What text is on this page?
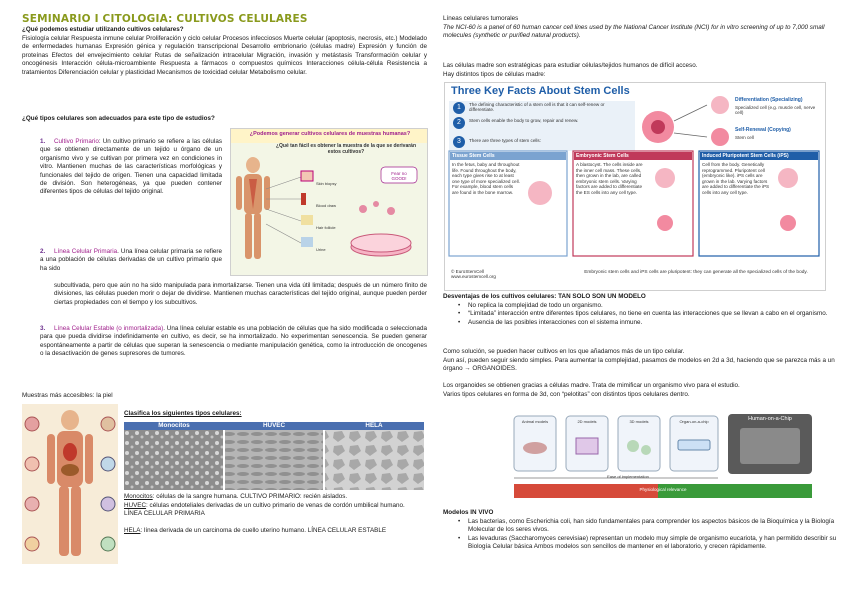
SEMINARIO I CITOLOGIA: CULTIVOS CELULARES
¿Qué podemos estudiar utilizando cultivos celulares?
Fisiología celular Respuesta inmune celular Proliferación y ciclo celular Procesos infecciosos Muerte celular (apoptosis, necrosis, etc.) Modelado de enfermedades humanas Expresión génica y regulación transcripcional Desarrollo embrionario (células madre) Expresión y función de proteínas Efectos del envejecimiento celular Rutas de señalización intracelular Migración, invasión y metástasis Transformación celular y oncogénesis Interacción célula-microambiente Respuesta a fármacos o compuestos químicos Interacciones célula-célula Resistencia a tratamientos Diferenciación celular y plasticidad Mecanismos de toxicidad celular Metabolismo celular.
¿Qué tipos celulares son adecuados para este tipo de estudios?
1. Cultivo Primario: Un cultivo primario se refiere a las células que se obtienen directamente de un tejido u órgano de un organismo vivo y se cultivan por primera vez en condiciones in vitro. Mantienen muchas de las características morfológicas y funcionales del tejido de origen. Tienen una capacidad limitada de división. Son heterogéneas, ya que pueden contener diferentes tipos de células del tejido original.
2. Línea Celular Primaria. Una línea celular primaria se refiere a una población de células derivadas de un cultivo primario que ha sido
subcultivada, pero que aún no ha sido manipulada para inmortalizarse. Tienen una vida útil limitada; después de un número finito de divisiones, las células pueden morir o dejar de dividirse. Mantienen muchas características del tejido original, aunque pueden perder ciertas propiedades con el tiempo y los subcultivos.
3. Línea Celular Estable (o inmortalizada). Una línea celular estable es una población de células que ha sido modificada o seleccionada para que pueda dividirse indefinidamente en cultivo, es decir, se ha inmortalizado. No experimentan senescencia. Se pueden generar espontáneamente a partir de células que superan la senescencia o mediante manipulación genética, como la introducción de oncogenes o la desactivación de genes supresores de tumores.
¿Podemos generar cultivos celulares de muestras humanas?
¿Qué tan fácil es obtener la muestra de la que se derivarán estos cultivos?
Fear no GOOD!
Skin biopsy
Blood draw
Hair follicle
Urine
Muestras más accesibles: la piel
Clasifica los siguientes tipos celulares:
Monocitos	HUVEC	HELA
Monocitos: células de la sangre humana. CULTIVO PRIMARIO: recién aislados.
HUVEC: células endoteliales derivadas de un cultivo primario de venas de cordón umbilical humano. LÍNEA CELULAR PRIMARIA
HELA: línea derivada de un carcinoma de cuello uterino humano. LÍNEA CELULAR ESTABLE
Líneas celulares tumorales
The NCI-60 is a panel of 60 human cancer cell lines used by the National Cancer Institute (NCI) for in vitro screening of up to 7,000 small molecules (synthetic or purified natural products).
Las células madre son estratégicas para estudiar células/tejidos humanos de difícil acceso.
Hay distintos tipos de células madre:
Three Key Facts About Stem Cells
1
2
3
The defining characteristic of a stem cell is that it can self-renew or differentiate.
Stem cells enable the body to grow, repair and renew.
There are three types of stem cells:
Differentiation (Specializing)
Specialized cell (e.g. muscle cell, nerve cell)
Self-Renewal (Copying)
Stem cell
Tissue Stem Cells
In the fetus, baby and throughout life. Found throughout the body, each type gives rise to at least one type of more specialized cell. For example, blood stem cells are found in the bone marrow.
Embryonic Stem Cells
A blastocyst. The cells inside are the inner cell mass. These cells, then grown in the lab, are called embryonic stem cells. Varying factors are added to differentiate the ES cells into any cell type.
Induced Pluripotent Stem Cells (iPS)
Cell from the body. Genetically reprogrammed. Pluripotent cell (embryonic like). iPS cells are grown in the lab. Varying factors are added to differentiate the iPS cells into any cell type.
© EuroStemCell www.eurostemcell.org
Embryonic stem cells and iPS cells are pluripotent: they can generate all the specialized cells of the body.
Desventajas de los cultivos celulares: TAN SOLO SON UN MODELO
• No replica la complejidad de todo un organismo.
• “Limitada” interacción entre diferentes tipos celulares, no tiene en cuenta las interacciones que se llevan a cabo en el organismo.
• Ausencia de las posibles interacciones con el sistema inmune.
Como solución, se pueden hacer cultivos en los que añadamos más de un tipo celular.
Aun así, pueden seguir siendo simples. Para aumentar la complejidad, pasamos de modelos en 2d a 3d, haciendo que se parezca más a un órgano → ORGANOIDES.
Los organoides se obtienen gracias a células madre. Trata de mimificar un organismo vivo para el estudio.
Varios tipos celulares en forma de 3d, con “pelotitas” con distintos tipos celulares dentro.
Animal models	2D models	3D models	Organ-on-a-chip	Human-on-a-Chip
Ease of implementation
Physiological relevance
Modelos IN VIVO
• Las bacterias, como Escherichia coli, han sido fundamentales para comprender los aspectos básicos de la Bioquímica y la Biología Molecular de los seres vivos.
• Las levaduras (Saccharomyces cerevisiae) representan un modelo muy simple de organismo eucariota, y han permitido describir su Biología Celular básica Ambos modelos son sencillos de mantener en el laboratorio, y crecen rápidamente.
